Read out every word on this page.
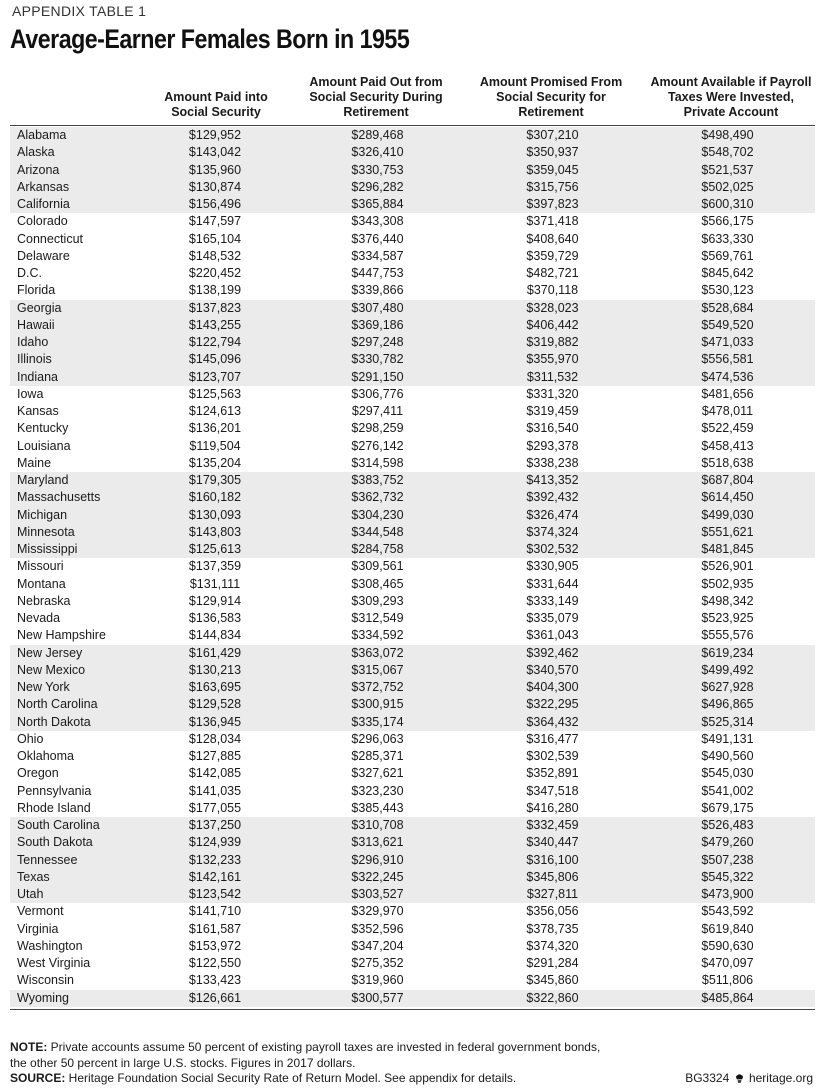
APPENDIX TABLE 1
Average-Earner Females Born in 1955
Amount Paid into
Social Security
Amount Paid Out from
Social Security During
Retirement
Amount Promised From
Social Security for
Retirement
Amount Available if Payroll
Taxes Were Invested,
Private Account
Alabama	$129,952	$289,468	$307,210	$498,490
Alaska	$143,042	$326,410	$350,937	$548,702
Arizona	$135,960	$330,753	$359,045	$521,537
Arkansas	$130,874	$296,282	$315,756	$502,025
California	$156,496	$365,884	$397,823	$600,310
Colorado	$147,597	$343,308	$371,418	$566,175
Connecticut	$165,104	$376,440	$408,640	$633,330
Delaware	$148,532	$334,587	$359,729	$569,761
D.C.	$220,452	$447,753	$482,721	$845,642
Florida	$138,199	$339,866	$370,118	$530,123
Georgia	$137,823	$307,480	$328,023	$528,684
Hawaii	$143,255	$369,186	$406,442	$549,520
Idaho	$122,794	$297,248	$319,882	$471,033
Illinois	$145,096	$330,782	$355,970	$556,581
Indiana	$123,707	$291,150	$311,532	$474,536
Iowa	$125,563	$306,776	$331,320	$481,656
Kansas	$124,613	$297,411	$319,459	$478,011
Kentucky	$136,201	$298,259	$316,540	$522,459
Louisiana	$119,504	$276,142	$293,378	$458,413
Maine	$135,204	$314,598	$338,238	$518,638
Maryland	$179,305	$383,752	$413,352	$687,804
Massachusetts	$160,182	$362,732	$392,432	$614,450
Michigan	$130,093	$304,230	$326,474	$499,030
Minnesota	$143,803	$344,548	$374,324	$551,621
Mississippi	$125,613	$284,758	$302,532	$481,845
Missouri	$137,359	$309,561	$330,905	$526,901
Montana	$131,111	$308,465	$331,644	$502,935
Nebraska	$129,914	$309,293	$333,149	$498,342
Nevada	$136,583	$312,549	$335,079	$523,925
New Hampshire	$144,834	$334,592	$361,043	$555,576
New Jersey	$161,429	$363,072	$392,462	$619,234
New Mexico	$130,213	$315,067	$340,570	$499,492
New York	$163,695	$372,752	$404,300	$627,928
North Carolina	$129,528	$300,915	$322,295	$496,865
North Dakota	$136,945	$335,174	$364,432	$525,314
Ohio	$128,034	$296,063	$316,477	$491,131
Oklahoma	$127,885	$285,371	$302,539	$490,560
Oregon	$142,085	$327,621	$352,891	$545,030
Pennsylvania	$141,035	$323,230	$347,518	$541,002
Rhode Island	$177,055	$385,443	$416,280	$679,175
South Carolina	$137,250	$310,708	$332,459	$526,483
South Dakota	$124,939	$313,621	$340,447	$479,260
Tennessee	$132,233	$296,910	$316,100	$507,238
Texas	$142,161	$322,245	$345,806	$545,322
Utah	$123,542	$303,527	$327,811	$473,900
Vermont	$141,710	$329,970	$356,056	$543,592
Virginia	$161,587	$352,596	$378,735	$619,840
Washington	$153,972	$347,204	$374,320	$590,630
West Virginia	$122,550	$275,352	$291,284	$470,097
Wisconsin	$133,423	$319,960	$345,860	$511,806
Wyoming	$126,661	$300,577	$322,860	$485,864
NOTE: Private accounts assume 50 percent of existing payroll taxes are invested in federal government bonds,
the other 50 percent in large U.S. stocks. Figures in 2017 dollars.
SOURCE: Heritage Foundation Social Security Rate of Return Model. See appendix for details.	BG3324 heritage.org
